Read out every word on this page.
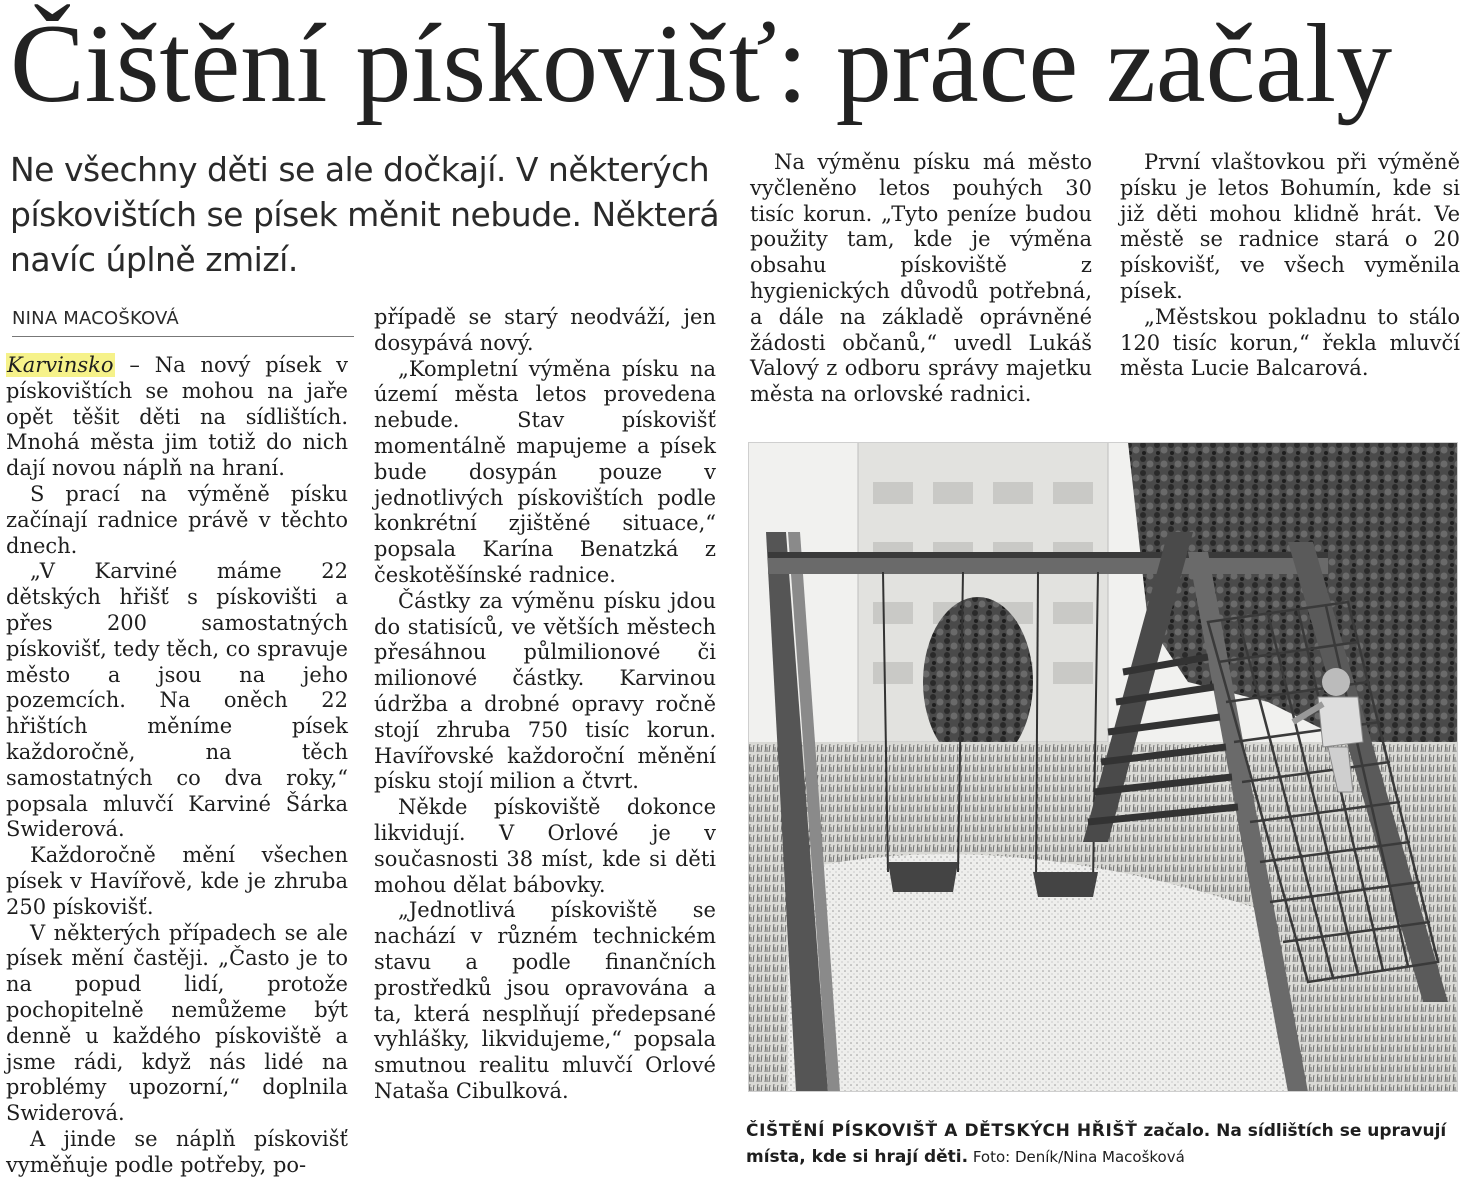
Čištění pískovišť: práce začaly
Ne všechny děti se ale dočkají. V některých
pískovištích se písek měnit nebude. Některá
navíc úplně zmizí.
NINA MACOŠKOVÁ

Karvinsko – Na nový písek v pískovištích se mohou na jaře opět těšit děti na sídlištích. Mnohá města jim totiž do nich dají novou náplň na hraní.

S prací na výměně písku začínají radnice právě v těchto dnech.

„V Karviné máme 22 dětských hřišť s pískovišti a přes 200 samostatných pískovišť, tedy těch, co spravuje město a jsou na jeho pozemcích. Na oněch 22 hřištích měníme písek každoročně, na těch samostatných co dva roky,“ popsala mluvčí Karviné Šárka Swiderová.

Každoročně mění všechen písek v Havířově, kde je zhruba 250 pískovišť.

V některých případech se ale písek mění častěji. „Často je to na popud lidí, protože pochopitelně nemůžeme být denně u každého pískoviště a jsme rádi, když nás lidé na problémy upozorní,“ doplnila Swiderová.

A jinde se náplň pískovišť vyměňuje podle potřeby, po-

případě se starý neodváží, jen dosypává nový.

„Kompletní výměna písku na území města letos provedena nebude. Stav pískovišť momentálně mapujeme a písek bude dosypán pouze v jednotlivých pískovištích podle konkrétní zjištěné situace,“ popsala Karína Benatzká z českotěšínské radnice.

Částky za výměnu písku jdou do statisíců, ve větších městech přesáhnou půlmilionové či milionové částky. Karvinou údržba a drobné opravy ročně stojí zhruba 750 tisíc korun. Havířovské každoroční měnění písku stojí milion a čtvrt.

Někde pískoviště dokonce likvidují. V Orlové je v současnosti 38 míst, kde si děti mohou dělat bábovky.

„Jednotlivá pískoviště se nachází v různém technickém stavu a podle finančních prostředků jsou opravována a ta, která nesplňují předepsané vyhlášky, likvidujeme,“ popsala smutnou realitu mluvčí Orlové Nataša Cibulková.

Na výměnu písku má město vyčleněno letos pouhých 30 tisíc korun. „Tyto peníze budou použity tam, kde je výměna obsahu pískoviště z hygienických důvodů potřebná, a dále na základě oprávněné žádosti občanů,“ uvedl Lukáš Valový z odboru správy majetku města na orlovské radnici.

První vlaštovkou při výměně písku je letos Bohumín, kde si již děti mohou klidně hrát. Ve městě se radnice stará o 20 pískovišť, ve všech vyměnila písek.

„Městskou pokladnu to stálo 120 tisíc korun,“ řekla mluvčí města Lucie Balcarová.

ČIŠTĚNÍ PÍSKOVIŠŤ A DĚTSKÝCH HŘIŠŤ začalo. Na sídlištích se upravují místa, kde si hrají děti. Foto: Deník/Nina Macošková
